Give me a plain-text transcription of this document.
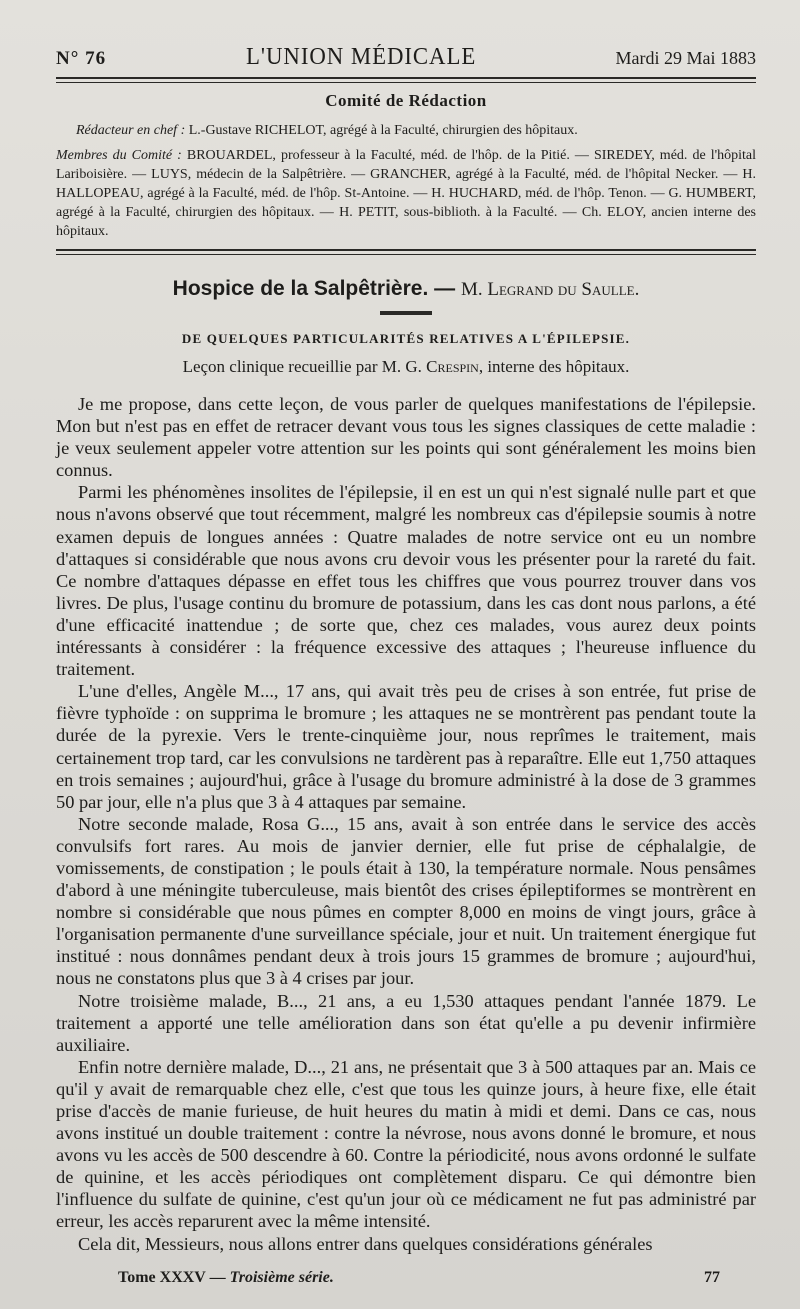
N° 76	L'UNION MÉDICALE	Mardi 29 Mai 1883
Comité de Rédaction

Rédacteur en chef : L.-Gustave RICHELOT, agrégé à la Faculté, chirurgien des hôpitaux.

Membres du Comité : BROUARDEL, professeur à la Faculté, méd. de l'hôp. de la Pitié. — SIREDEY, méd. de l'hôpital Lariboisière. — LUYS, médecin de la Salpêtrière. — GRANCHER, agrégé à la Faculté, méd. de l'hôpital Necker. — H. HALLOPEAU, agrégé à la Faculté, méd. de l'hôp. St-Antoine. — H. HUCHARD, méd. de l'hôp. Tenon. — G. HUMBERT, agrégé à la Faculté, chirurgien des hôpitaux. — H. PETIT, sous-biblioth. à la Faculté. — Ch. ELOY, ancien interne des hôpitaux.

Hospice de la Salpêtrière. — M. Legrand du Saulle.
DE QUELQUES PARTICULARITÉS RELATIVES A L'ÉPILEPSIE.
Leçon clinique recueillie par M. G. Crespin, interne des hôpitaux.

Je me propose, dans cette leçon, de vous parler de quelques manifestations de l'épilepsie. Mon but n'est pas en effet de retracer devant vous tous les signes classiques de cette maladie : je veux seulement appeler votre attention sur les points qui sont généralement les moins bien connus.

Parmi les phénomènes insolites de l'épilepsie, il en est un qui n'est signalé nulle part et que nous n'avons observé que tout récemment, malgré les nombreux cas d'épilepsie soumis à notre examen depuis de longues années : Quatre malades de notre service ont eu un nombre d'attaques si considérable que nous avons cru devoir vous les présenter pour la rareté du fait. Ce nombre d'attaques dépasse en effet tous les chiffres que vous pourrez trouver dans vos livres. De plus, l'usage continu du bromure de potassium, dans les cas dont nous parlons, a été d'une efficacité inattendue ; de sorte que, chez ces malades, vous aurez deux points intéressants à considérer : la fréquence excessive des attaques ; l'heureuse influence du traitement.

L'une d'elles, Angèle M..., 17 ans, qui avait très peu de crises à son entrée, fut prise de fièvre typhoïde : on supprima le bromure ; les attaques ne se montrèrent pas pendant toute la durée de la pyrexie. Vers le trente-cinquième jour, nous reprîmes le traitement, mais certainement trop tard, car les convulsions ne tardèrent pas à reparaître. Elle eut 1,750 attaques en trois semaines ; aujourd'hui, grâce à l'usage du bromure administré à la dose de 3 grammes 50 par jour, elle n'a plus que 3 à 4 attaques par semaine.

Notre seconde malade, Rosa G..., 15 ans, avait à son entrée dans le service des accès convulsifs fort rares. Au mois de janvier dernier, elle fut prise de céphalalgie, de vomissements, de constipation ; le pouls était à 130, la température normale. Nous pensâmes d'abord à une méningite tuberculeuse, mais bientôt des crises épileptiformes se montrèrent en nombre si considérable que nous pûmes en compter 8,000 en moins de vingt jours, grâce à l'organisation permanente d'une surveillance spéciale, jour et nuit. Un traitement énergique fut institué : nous donnâmes pendant deux à trois jours 15 grammes de bromure ; aujourd'hui, nous ne constatons plus que 3 à 4 crises par jour.

Notre troisième malade, B..., 21 ans, a eu 1,530 attaques pendant l'année 1879. Le traitement a apporté une telle amélioration dans son état qu'elle a pu devenir infirmière auxiliaire.

Enfin notre dernière malade, D..., 21 ans, ne présentait que 3 à 500 attaques par an. Mais ce qu'il y avait de remarquable chez elle, c'est que tous les quinze jours, à heure fixe, elle était prise d'accès de manie furieuse, de huit heures du matin à midi et demi. Dans ce cas, nous avons institué un double traitement : contre la névrose, nous avons donné le bromure, et nous avons vu les accès de 500 descendre à 60. Contre la périodicité, nous avons ordonné le sulfate de quinine, et les accès périodiques ont complètement disparu. Ce qui démontre bien l'influence du sulfate de quinine, c'est qu'un jour où ce médicament ne fut pas administré par erreur, les accès reparurent avec la même intensité.

Cela dit, Messieurs, nous allons entrer dans quelques considérations générales

Tome XXXV — Troisième série.	77
